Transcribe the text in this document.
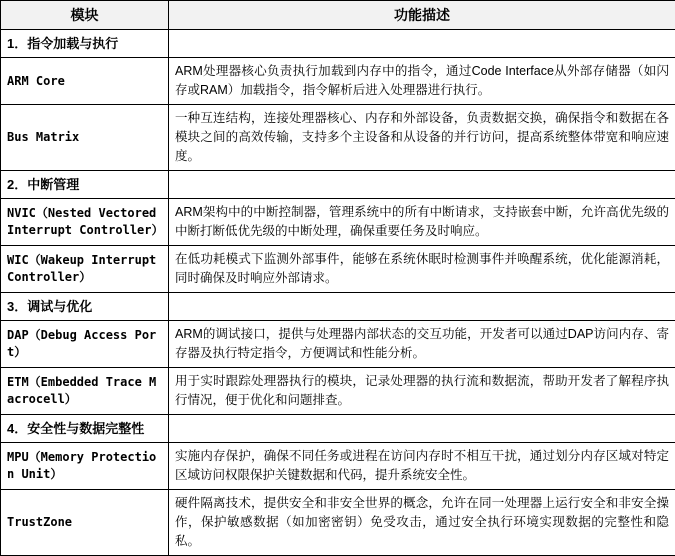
模块	功能描述
1．指令加载与执行	
ARM Core	ARM处理器核心负责执行加载到内存中的指令，通过Code Interface从外部存储器（如闪存或RAM）加载指令，指令解析后进入处理器进行执行。
Bus Matrix	一种互连结构，连接处理器核心、内存和外部设备，负责数据交换，确保指令和数据在各模块之间的高效传输，支持多个主设备和从设备的并行访问，提高系统整体带宽和响应速度。
2．中断管理	
NVIC（Nested Vectored Interrupt Controller）	ARM架构中的中断控制器，管理系统中的所有中断请求，支持嵌套中断，允许高优先级的中断打断低优先级的中断处理，确保重要任务及时响应。
WIC（Wakeup Interrupt Controller）	在低功耗模式下监测外部事件，能够在系统休眠时检测事件并唤醒系统，优化能源消耗，同时确保及时响应外部请求。
3．调试与优化	
DAP（Debug Access Port）	ARM的调试接口，提供与处理器内部状态的交互功能，开发者可以通过DAP访问内存、寄存器及执行特定指令，方便调试和性能分析。
ETM（Embedded Trace Macrocell）	用于实时跟踪处理器执行的模块，记录处理器的执行流和数据流，帮助开发者了解程序执行情况，便于优化和问题排查。
4．安全性与数据完整性	
MPU（Memory Protection Unit）	实施内存保护，确保不同任务或进程在访问内存时不相互干扰，通过划分内存区域对特定区域访问权限保护关键数据和代码，提升系统安全性。
TrustZone	硬件隔离技术，提供安全和非安全世界的概念，允许在同一处理器上运行安全和非安全操作，保护敏感数据（如加密密钥）免受攻击，通过安全执行环境实现数据的完整性和隐私。
